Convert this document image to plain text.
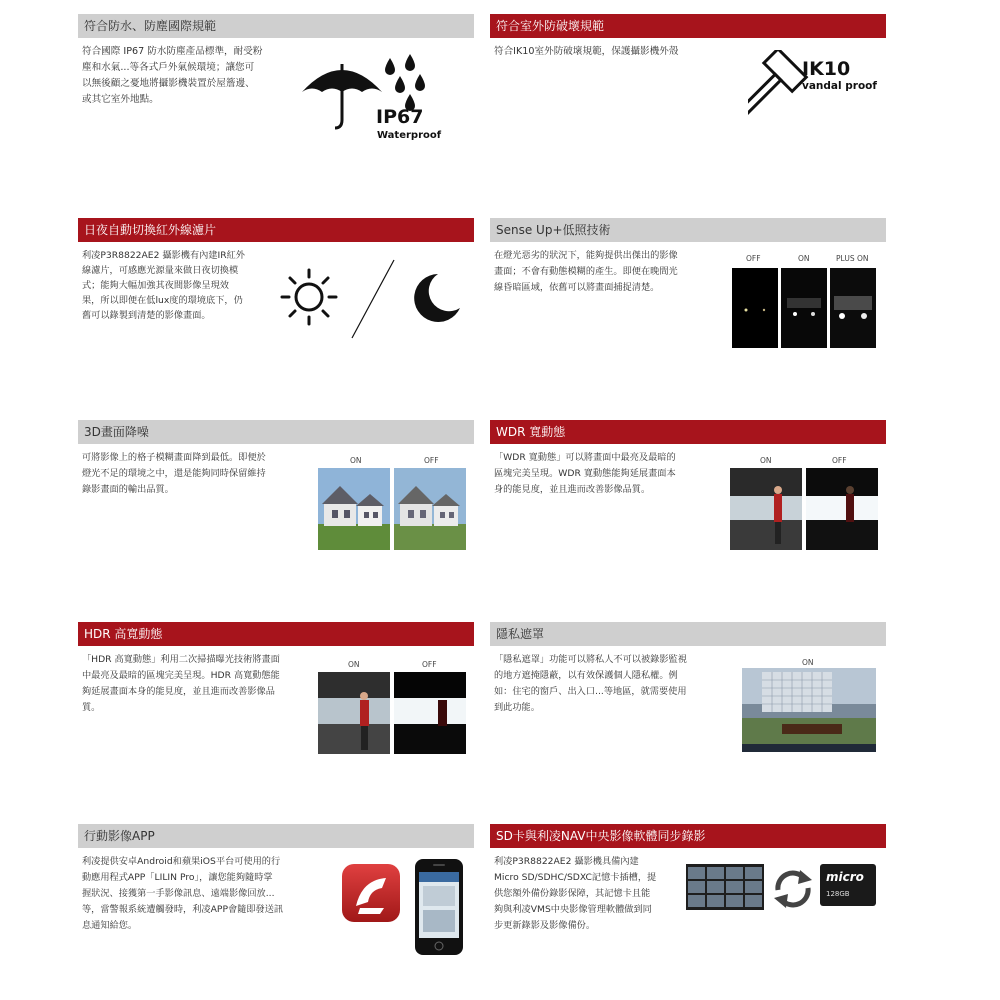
符合防水、防塵國際規範
符合國際 IP67 防水防塵產品標準，耐受粉
塵和水氣...等各式戶外氣候環境；讓您可
以無後顧之憂地將攝影機裝置於屋簷邊、
或其它室外地點。
IP67
Waterproof
符合室外防破壞規範
符合IK10室外防破壞規範，保護攝影機外殼
IK10
vandal proof
日夜自動切換紅外線濾片
利凌P3R8822AE2 攝影機有內建IR紅外
線濾片，可感應光源量來做日夜切換模
式；能夠大幅加強其夜間影像呈現效
果，所以即便在低lux度的環境底下，仍
舊可以錄製到清楚的影像畫面。
Sense Up+低照技術
在燈光惡劣的狀況下，能夠提供出傑出的影像
畫面；不會有動態模糊的產生。即便在晚間光
線昏暗區域，依舊可以將畫面捕捉清楚。
OFF	ON	PLUS ON
3D畫面降噪
可將影像上的格子模糊畫面降到最低。即便於
燈光不足的環境之中，還是能夠同時保留維持
錄影畫面的輸出品質。
ON	OFF
WDR 寬動態
「WDR 寬動態」可以將畫面中最亮及最暗的
區塊完美呈現。WDR 寬動態能夠延展畫面本
身的能見度，並且進而改善影像品質。
ON	OFF
HDR 高寬動態
「HDR 高寬動態」利用二次掃描曝光技術將畫面
中最亮及最暗的區塊完美呈現。HDR 高寬動態能
夠延展畫面本身的能見度，並且進而改善影像品
質。
ON	OFF
隱私遮罩
「隱私遮罩」功能可以將私人不可以被錄影監視
的地方遮掩隱蔽，以有效保護個人隱私權。例
如：住宅的窗戶、出入口...等地區，就需要使用
到此功能。
ON
行動影像APP
利凌提供安卓Android和蘋果iOS平台可使用的行
動應用程式APP「LILIN Pro」，讓您能夠隨時掌
握狀況、接獲第一手影像訊息、遠端影像回放...
等，當警報系統遭觸發時，利凌APP會隨即發送訊
息通知給您。
SD卡與利凌NAV中央影像軟體同步錄影
利凌P3R8822AE2 攝影機具備內建
Micro SD/SDHC/SDXC記憶卡插槽，提
供您額外備份錄影保障，其記憶卡且能
夠與利凌VMS中央影像管理軟體做到同
步更新錄影及影像備份。
micro
128GB
